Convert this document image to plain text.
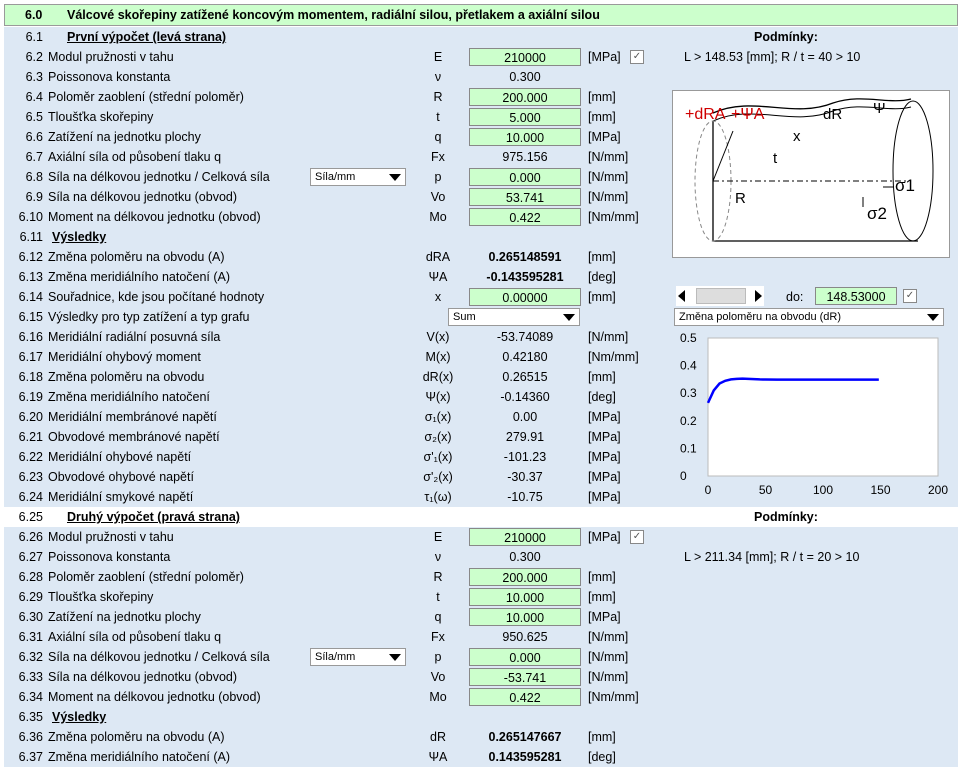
6.0 Válcové skořepiny zatížené koncovým momentem, radiální silou, přetlakem a axiální silou
6.1 První výpočet (levá strana)	Podmínky:
6.2 Modul pružnosti v tahu	E	210000	[MPa] ✓	L > 148.53 [mm]; R / t = 40 > 10
6.3 Poissonova konstanta	ν	0.300
6.4 Poloměr zaoblení (střední poloměr)	R	200.000	[mm]
6.5 Tloušťka skořepiny	t	5.000	[mm]
6.6 Zatížení na jednotku plochy	q	10.000	[MPa]
6.7 Axiální síla od působení tlaku q	Fx	975.156	[N/mm]
6.8 Síla na délkovou jednotku / Celková síla	Síla/mm	p	0.000	[N/mm]
6.9 Síla na délkovou jednotku (obvod)	Vo	53.741	[N/mm]
6.10 Moment na délkovou jednotku (obvod)	Mo	0.422	[Nm/mm]
6.11 Výsledky
6.12 Změna poloměru na obvodu (A)	dRA	0.265148591	[mm]
6.13 Změna meridiálního natočení (A)	ΨA	-0.143595281	[deg]
6.14 Souřadnice, kde jsou počítané hodnoty	x	0.00000	[mm]
6.15 Výsledky pro typ zatížení a typ grafu	Sum
6.16 Meridiální radiální posuvná síla	V(x)	-53.74089	[N/mm]
6.17 Meridiální ohybový moment	M(x)	0.42180	[Nm/mm]
6.18 Změna poloměru na obvodu	dR(x)	0.26515	[mm]
6.19 Změna meridiálního natočení	Ψ(x)	-0.14360	[deg]
6.20 Meridiální membránové napětí	σ₁(x)	0.00	[MPa]
6.21 Obvodové membránové napětí	σ₂(x)	279.91	[MPa]
6.22 Meridiální ohybové napětí	σ'₁(x)	-101.23	[MPa]
6.23 Obvodové ohybové napětí	σ'₂(x)	-30.37	[MPa]
6.24 Meridiální smykové napětí	τ₁(ω)	-10.75	[MPa]
6.25 Druhý výpočet (pravá strana)	Podmínky:
6.26 Modul pružnosti v tahu	E	210000	[MPa] ✓
6.27 Poissonova konstanta	ν	0.300	L > 211.34 [mm]; R / t = 20 > 10
6.28 Poloměr zaoblení (střední poloměr)	R	200.000	[mm]
6.29 Tloušťka skořepiny	t	10.000	[mm]
6.30 Zatížení na jednotku plochy	q	10.000	[MPa]
6.31 Axiální síla od působení tlaku q	Fx	950.625	[N/mm]
6.32 Síla na délkovou jednotku / Celková síla	Síla/mm	p	0.000	[N/mm]
6.33 Síla na délkovou jednotku (obvod)	Vo	-53.741	[N/mm]
6.34 Moment na délkovou jednotku (obvod)	Mo	0.422	[Nm/mm]
6.35 Výsledky
6.36 Změna poloměru na obvodu (A)	dR	0.265147667	[mm]
6.37 Změna meridiálního natočení (A)	ΨA	0.143595281	[deg]
+dRA +ΨA	dR Ψ
x
t
R
σ1
σ2
do:	148.53000	✓
Změna poloměru na obvodu (dR)
0
0.1
0.2
0.3
0.4
0.5
0	50	100	150	200
